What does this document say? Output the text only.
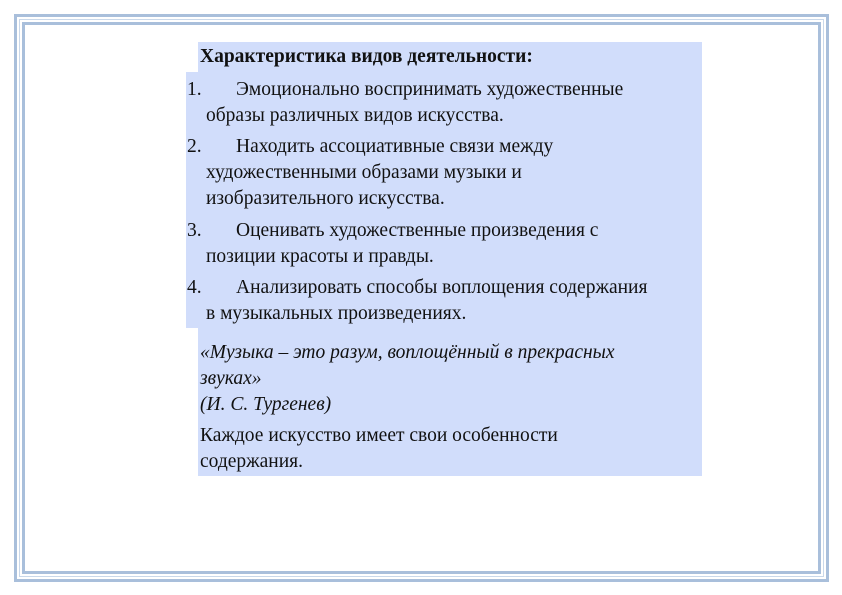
Характеристика видов деятельности:
1. Эмоционально воспринимать художественные
образы различных видов искусства.
2. Находить ассоциативные связи между
художественными образами музыки и
изобразительного искусства.
3. Оценивать художественные произведения с
позиции красоты и правды.
4. Анализировать способы воплощения содержания
в музыкальных произведениях.
«Музыка – это разум, воплощённый в прекрасных
звуках»
(И. С. Тургенев)
Каждое искусство имеет свои особенности
содержания.
